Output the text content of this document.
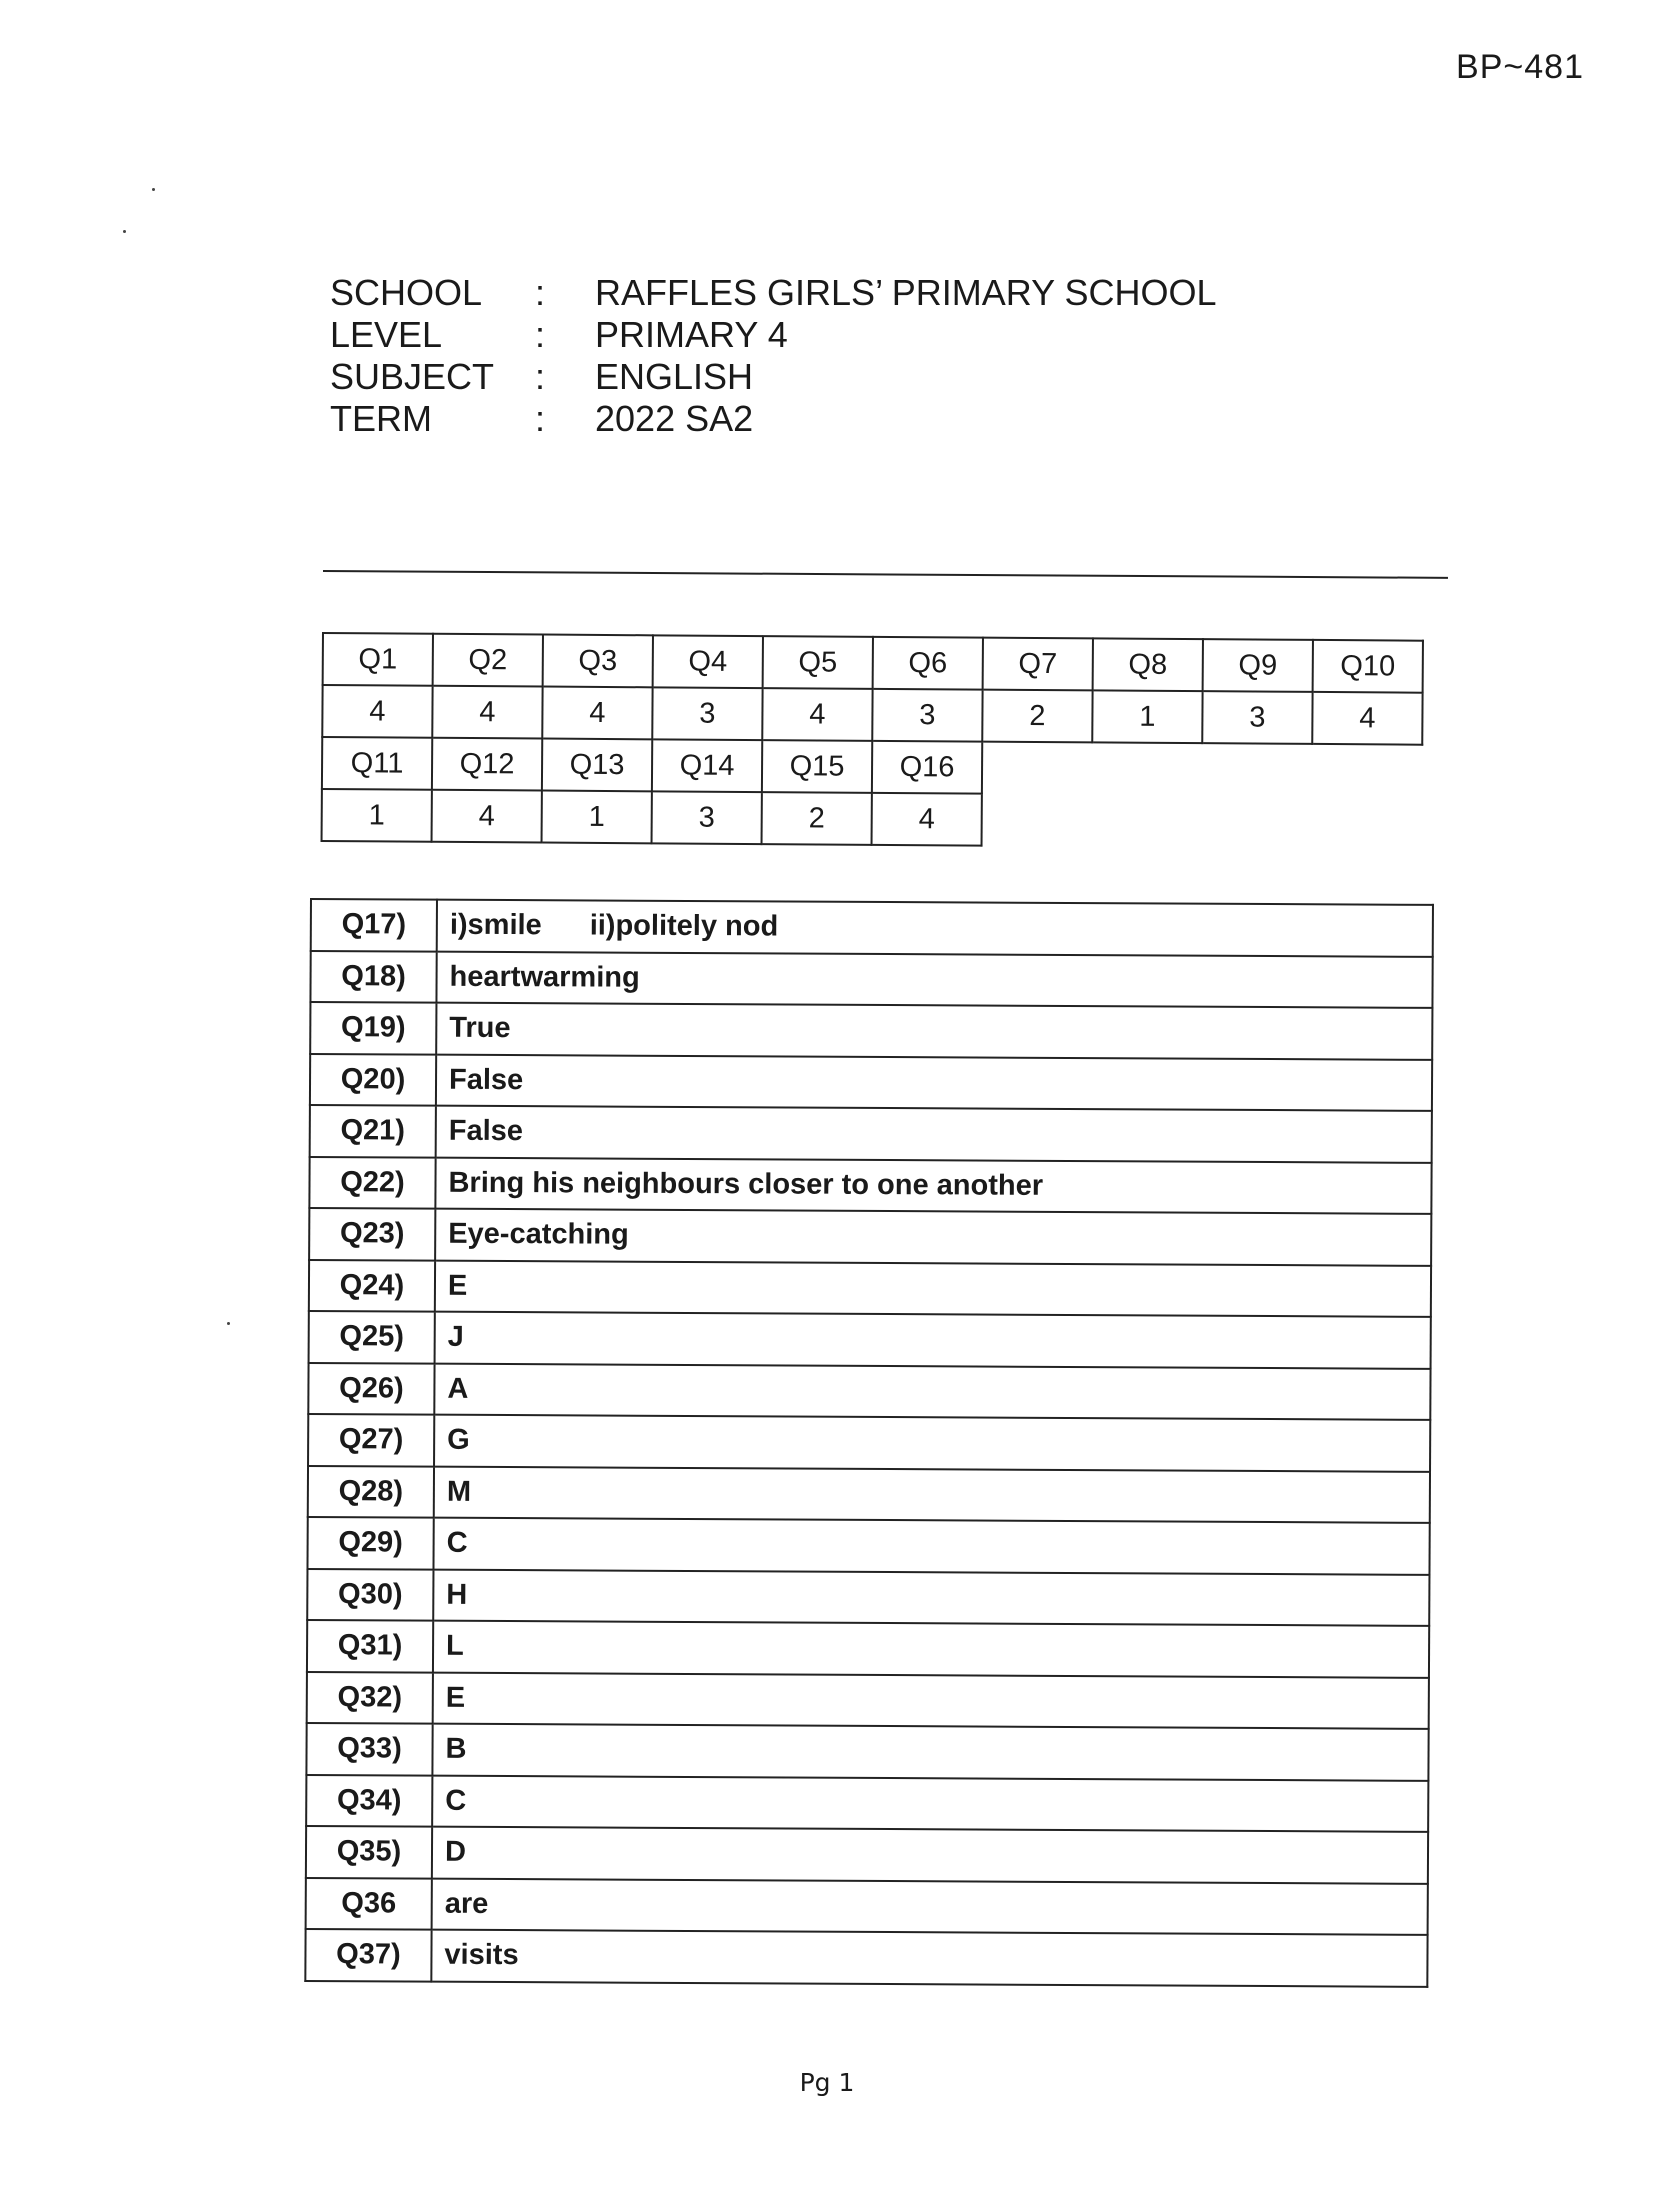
BP~481
SCHOOL	:	RAFFLES GIRLS’ PRIMARY SCHOOL
LEVEL	:	PRIMARY 4
SUBJECT	:	ENGLISH
TERM	:	2022 SA2
Q1	Q2	Q3	Q4	Q5	Q6	Q7	Q8	Q9	Q10
4	4	4	3	4	3	2	1	3	4
Q11	Q12	Q13	Q14	Q15	Q16				
1	4	1	3	2	4				
Q17)	i)smile ii)politely nod
Q18)	heartwarming
Q19)	True
Q20)	False
Q21)	False
Q22)	Bring his neighbours closer to one another
Q23)	Eye-catching
Q24)	E
Q25)	J
Q26)	A
Q27)	G
Q28)	M
Q29)	C
Q30)	H
Q31)	L
Q32)	E
Q33)	B
Q34)	C
Q35)	D
Q36	are
Q37)	visits
Pg 1
